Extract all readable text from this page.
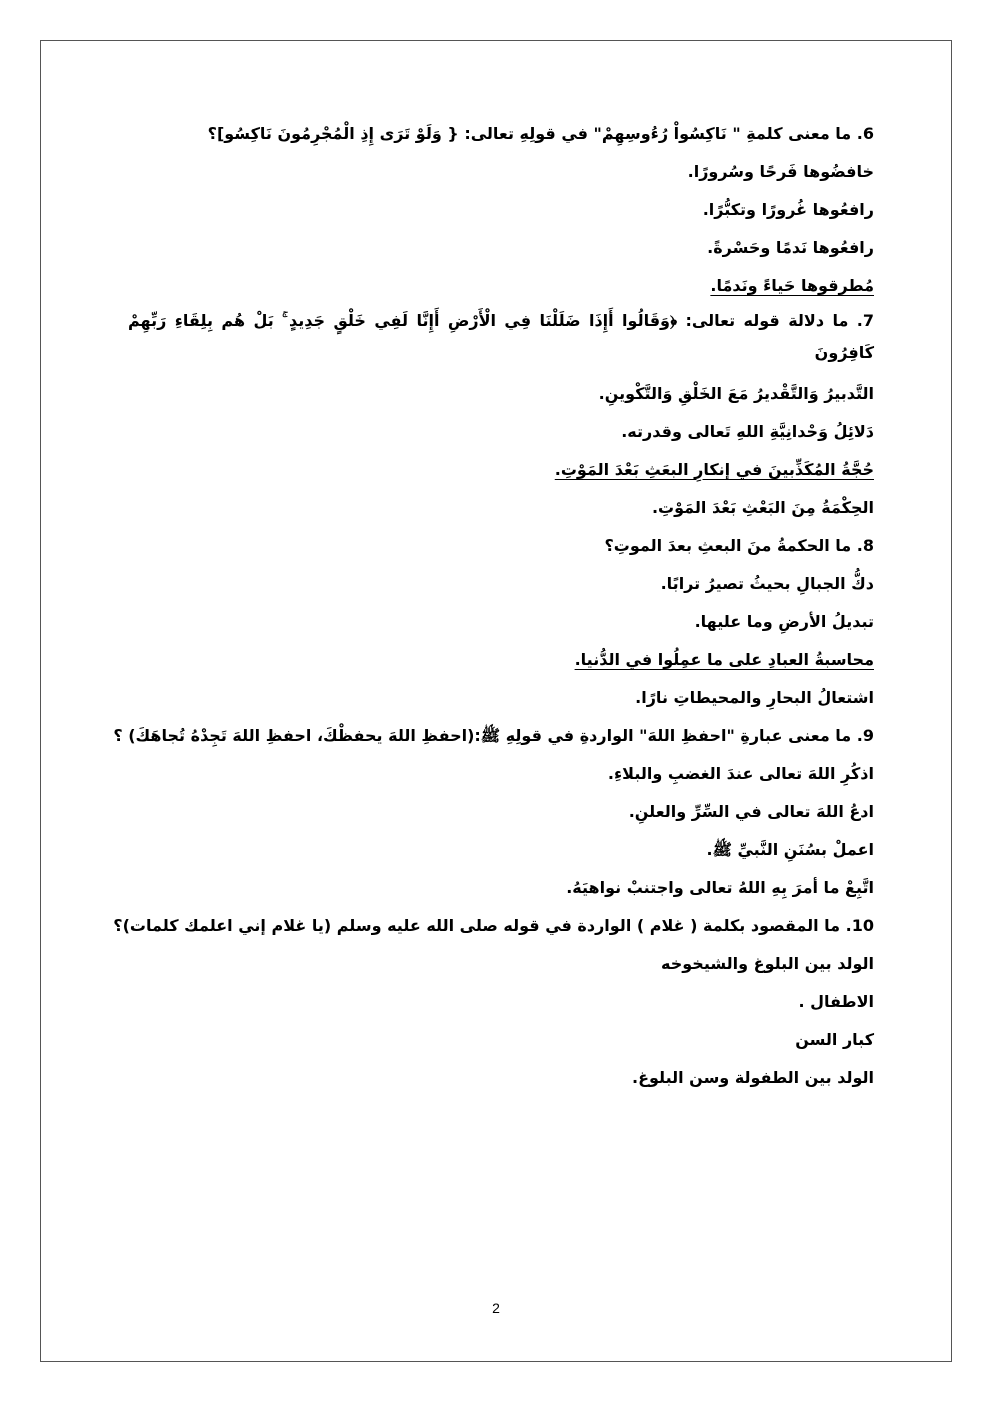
6. ما معنى كلمةِ " نَاكِسُواْ رُءُوسِهِمْ" في قولِهِ تعالى: { وَلَوْ تَرَى إِذِ الْمُجْرِمُونَ نَاكِسُو]؟
خافضُوها فَرحًا وسُرورًا.
رافعُوها غُرورًا وتكبُّرًا.
رافعُوها نَدمًا وحَسْرةً.
مُطرقوها حَياءً ونَدمًا.
7. ما دلالة قوله تعالى: ﴿وَقَالُوا أَإِذَا ضَلَلْنَا فِي الْأَرْضِ أَإِنَّا لَفِي خَلْقٍ جَدِيدٍ ۚ بَلْ هُم بِلِقَاءِ رَبِّهِمْ كَافِرُونَ
التَّدبيرُ وَالتَّقْديرُ مَعَ الخَلْقِ وَالتَّكْوينِ.
دَلائِلُ وَحْدانِيَّةِ اللهِ تَعالى وقدرته.
حُجَّةُ المُكَذِّبينَ في إنكارِ البعَثِ بَعْدَ المَوْتِ.
الحِكْمَةُ مِنَ البَعْثِ بَعْدَ المَوْتِ.
8. ما الحكمةُ منَ البعثِ بعدَ الموتِ؟
دكُّ الجبالِ بحيثُ تصيرُ ترابًا.
تبديلُ الأرضِ وما عليها.
محاسبةُ العبادِ على ما عمِلُوا في الدُّنيا.
اشتعالُ البحارِ والمحيطاتِ نارًا.
9. ما معنى عبارةِ "احفظِ اللهَ" الواردةِ في قولِهِ ﷺ:(احفظِ اللهَ يحفظْكَ، احفظِ اللهَ تَجِدْهُ تُجاهَكَ) ؟
اذكُرِ اللهَ تعالى عندَ الغضبِ والبلاءِ.
ادعُ اللهَ تعالى في السِّرِّ والعلنِ.
اعملْ بسُنَنِ النَّبيِّ ﷺ.
اتَّبِعْ ما أمرَ بِهِ اللهُ تعالى واجتنبْ نواهيَهُ.
10. ما المقصود بكلمة ( غلام ) الواردة في قوله صلى الله عليه وسلم (يا غلام إني اعلمك كلمات)؟
الولد بين البلوغ والشيخوخه
الاطفال .
كبار السن
الولد بين الطفولة وسن البلوغ.
2
